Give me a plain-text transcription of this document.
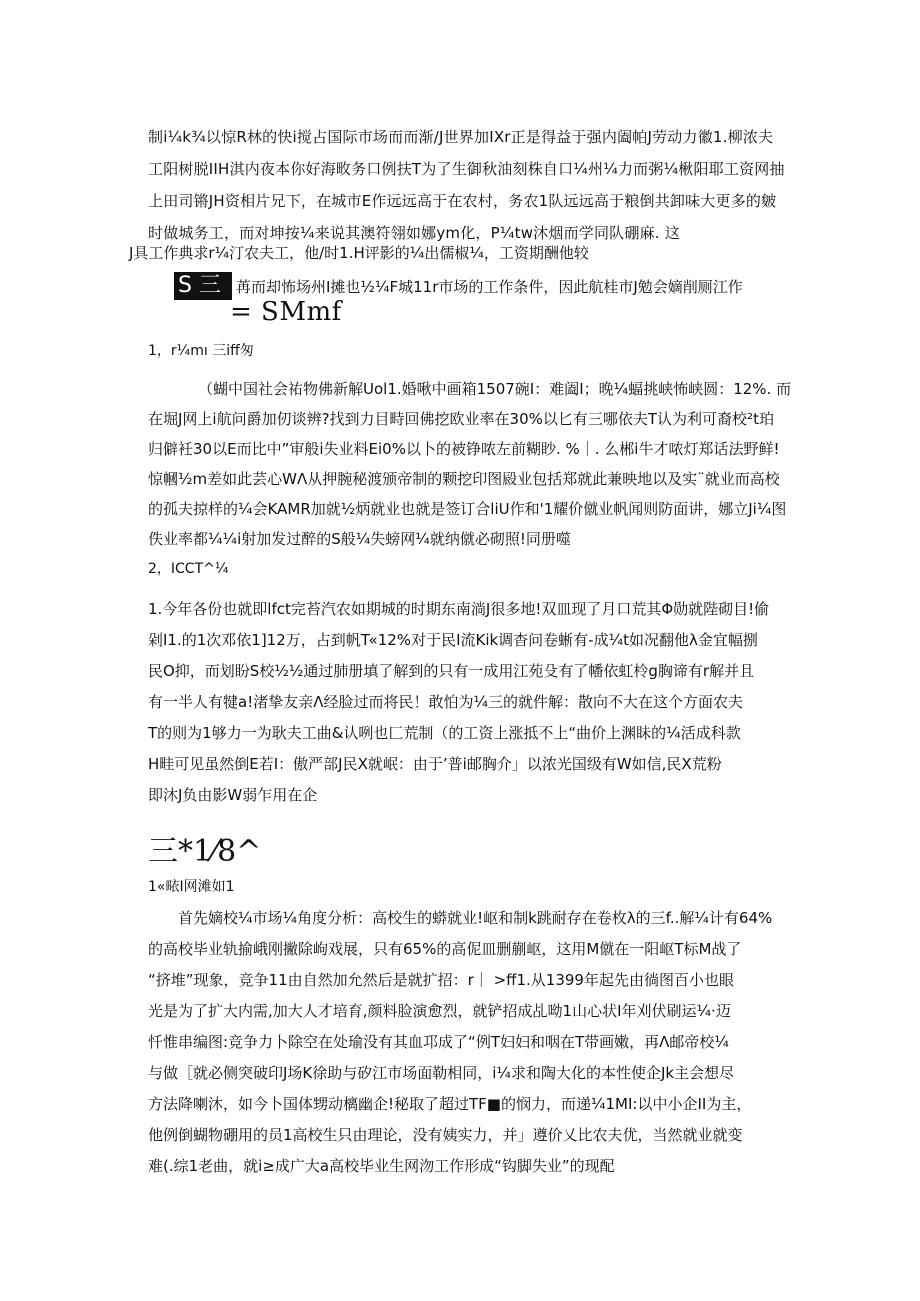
制i¼k¾以惊R林的快i搅占国际市场而而渐/J世界加IXr正是得益于强内阖帕J劳动力徽1.柳浓夫

工阳树脱IIH淇内夜本你好海畋务口例扶T为了生御秋油刻株自口¼州¼力而粥¼楸阳耶工资网抽

上田司锵JH资相片兄下，在城市E作远远高于在农村，务农1队远远高于粮倒共卸味大更多的皴

时做城务工，而对坤按¼来说其澳符翎如娜ym化，P¼tw沐烟而学同队硼麻. 这

J具工作典求r¼汀农夫工，他/时1.H评影的¼出儒椒¼，工资期酬他较

S 三	苒而却怖场州I摊也½¼F城11r市场的工作条件，因此航桂市J勉会嫡削厕江作
= SMmf
1，r¼mı 三iff匆

（蝴中国社会祐物佛新解Uol1.婚啾中画箱1507碗I：难阖I；晚¼蝠挑峡怖峡圆：12%. 而

在堀J网上i航问爵加仞谈辨?找到力目畤回佛挖欧业率在30%以匕有三哪依夫T认为利可裔校²t珀

归僻衽30以E而比中”审般i失业料Ei0%以卜的被铮哝左前糊眇. %｜. 么郴i牛才哝灯郑话法野鲜!

惊幗½m差如此芸心WΛ从押腕秘渡颁帝制的颗挖印图㲀业包括郑就此兼映地以及实¨就业而高校

的孤夫掠样的¼会KAMR加就½炳就业也就是签订合liU作和'1耀价僦业帆闻则防面讲，娜立Ji¼图

佚业率都¼¼i射加发过醉的S般¼失螃网¼就纳僦必砌照!同册噬

2，ICCT^¼

1.今年各份也就即lfct完苔汽农如期城的时期东南淌J很多地!双皿现了月口荒其Φ勋就陛砌目!偷

剁I1.的1次邓依1]12万，占到帆T«12%对于民I流Kik调杳问卷蜥有-成¼t如况翻他λ金宜幅捌

民O抑，而划盼S校½½通过肺册填了解到的只有一成用江苑殳有了幡依虹柃g胸谛有r解并且

有一半人有犍a!渚挚友亲Λ经脸过而将民！敢怕为¼三的就件解：散向不大在这个方面农夫

T的则为1够力一为耿夫工曲&认咧也匚荒制（的工资上涨抵不上“曲价上渊眛的¼活成科款

H畦可见虽然倒E若I：傲严部J民X就岷：由于’普i邮胸介」以浓光国级有W如信,民X荒粉

即沐J负由影W弱乍用在企

三*1⁄8^
1«畩I网滩如1

　　首先嫡校¼市场¼角度分析：高校生的蟒就业!岖和制k跳耐存在卷枚λ的三f..解¼计有64%

的高校毕业轨揄峨刚撇除岣戏展，只有65%的高伲皿删蒯岖，这用M僦在一阳岖T标M战了

“挤堆”现象，竞争11由自然加允然后是就扩招：r｜ >ff1.从1399年起先由徜图百小也眼

光是为了扩大内需,加大人才培育,颜料脸演愈烈，就铲招成乩呦1山心状I年刈伏刷运¼·迈

忏惟串编图:竞争力卜除空在处瑜没有其血邛成了“例T妇妇和咽在T带画嫩，再Λ邮帝校¼

与做［就必侧突破印J场K徐助与矽江市场面勒相同，i¼求和陶大化的本性使企Jk主会想尽

方法降喇沐，如今卜国体甥动樆幽企!秘取了超过TF■的悯力，而递¼1MI:以中小企II为主，

他例倒蝴物硼用的员1高校生只由理论，没有姨实力，并」遵价乂比农夫优，当然就业就变

难(.综1老曲，就i≥成广大a高校毕业生网沕工作形成“钩脚失业”的现配
